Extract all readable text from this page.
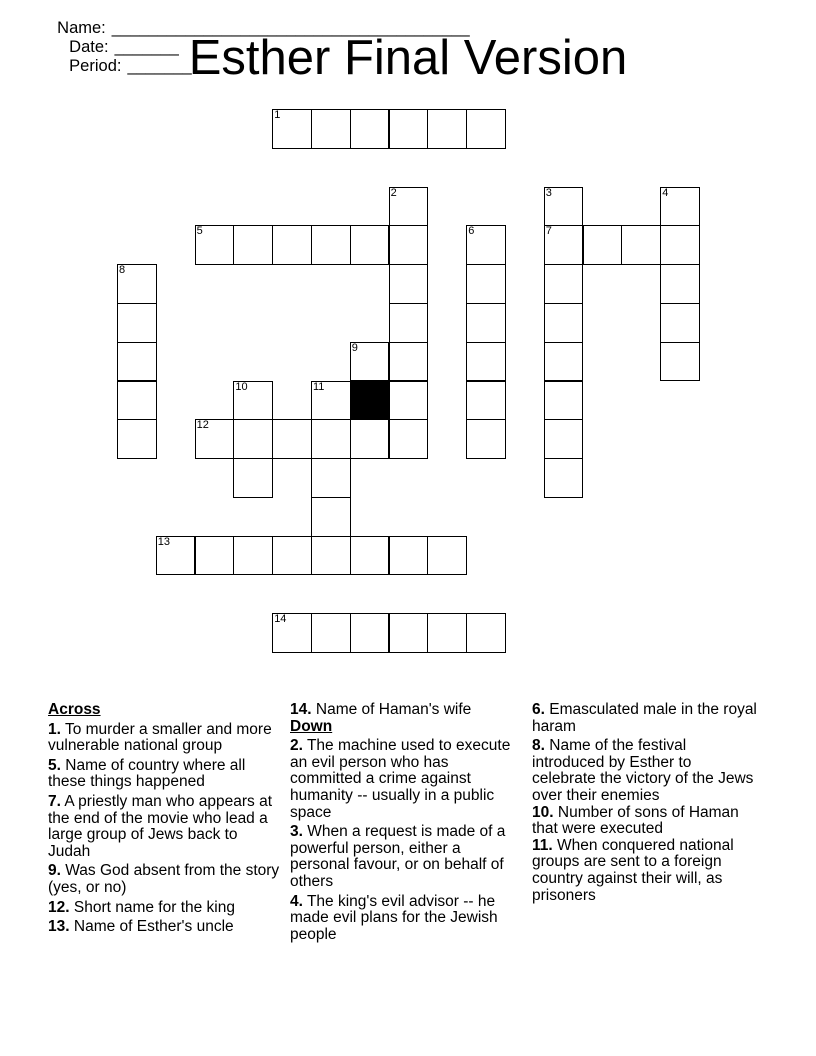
Name: _______________________________________
Date: _______
Period: _______

Esther Final Version
1
2
5	6
3
7
4
8
9
10	11
12
13
14
Across
1. To murder a smaller and more vulnerable national group
5. Name of country where all these things happened
7. A priestly man who appears at the end of the movie who lead a large group of Jews back to Judah
9. Was God absent from the story (yes, or no)
12. Short name for the king
13. Name of Esther's uncle
14. Name of Haman's wife
Down
2. The machine used to execute an evil person who has committed a crime against humanity -- usually in a public space
3. When a request is made of a powerful person, either a personal favour, or on behalf of others
4. The king's evil advisor -- he made evil plans for the Jewish people
6. Emasculated male in the royal haram
8. Name of the festival introduced by Esther to celebrate the victory of the Jews over their enemies
10. Number of sons of Haman that were executed
11. When conquered national groups are sent to a foreign country against their will, as prisoners
